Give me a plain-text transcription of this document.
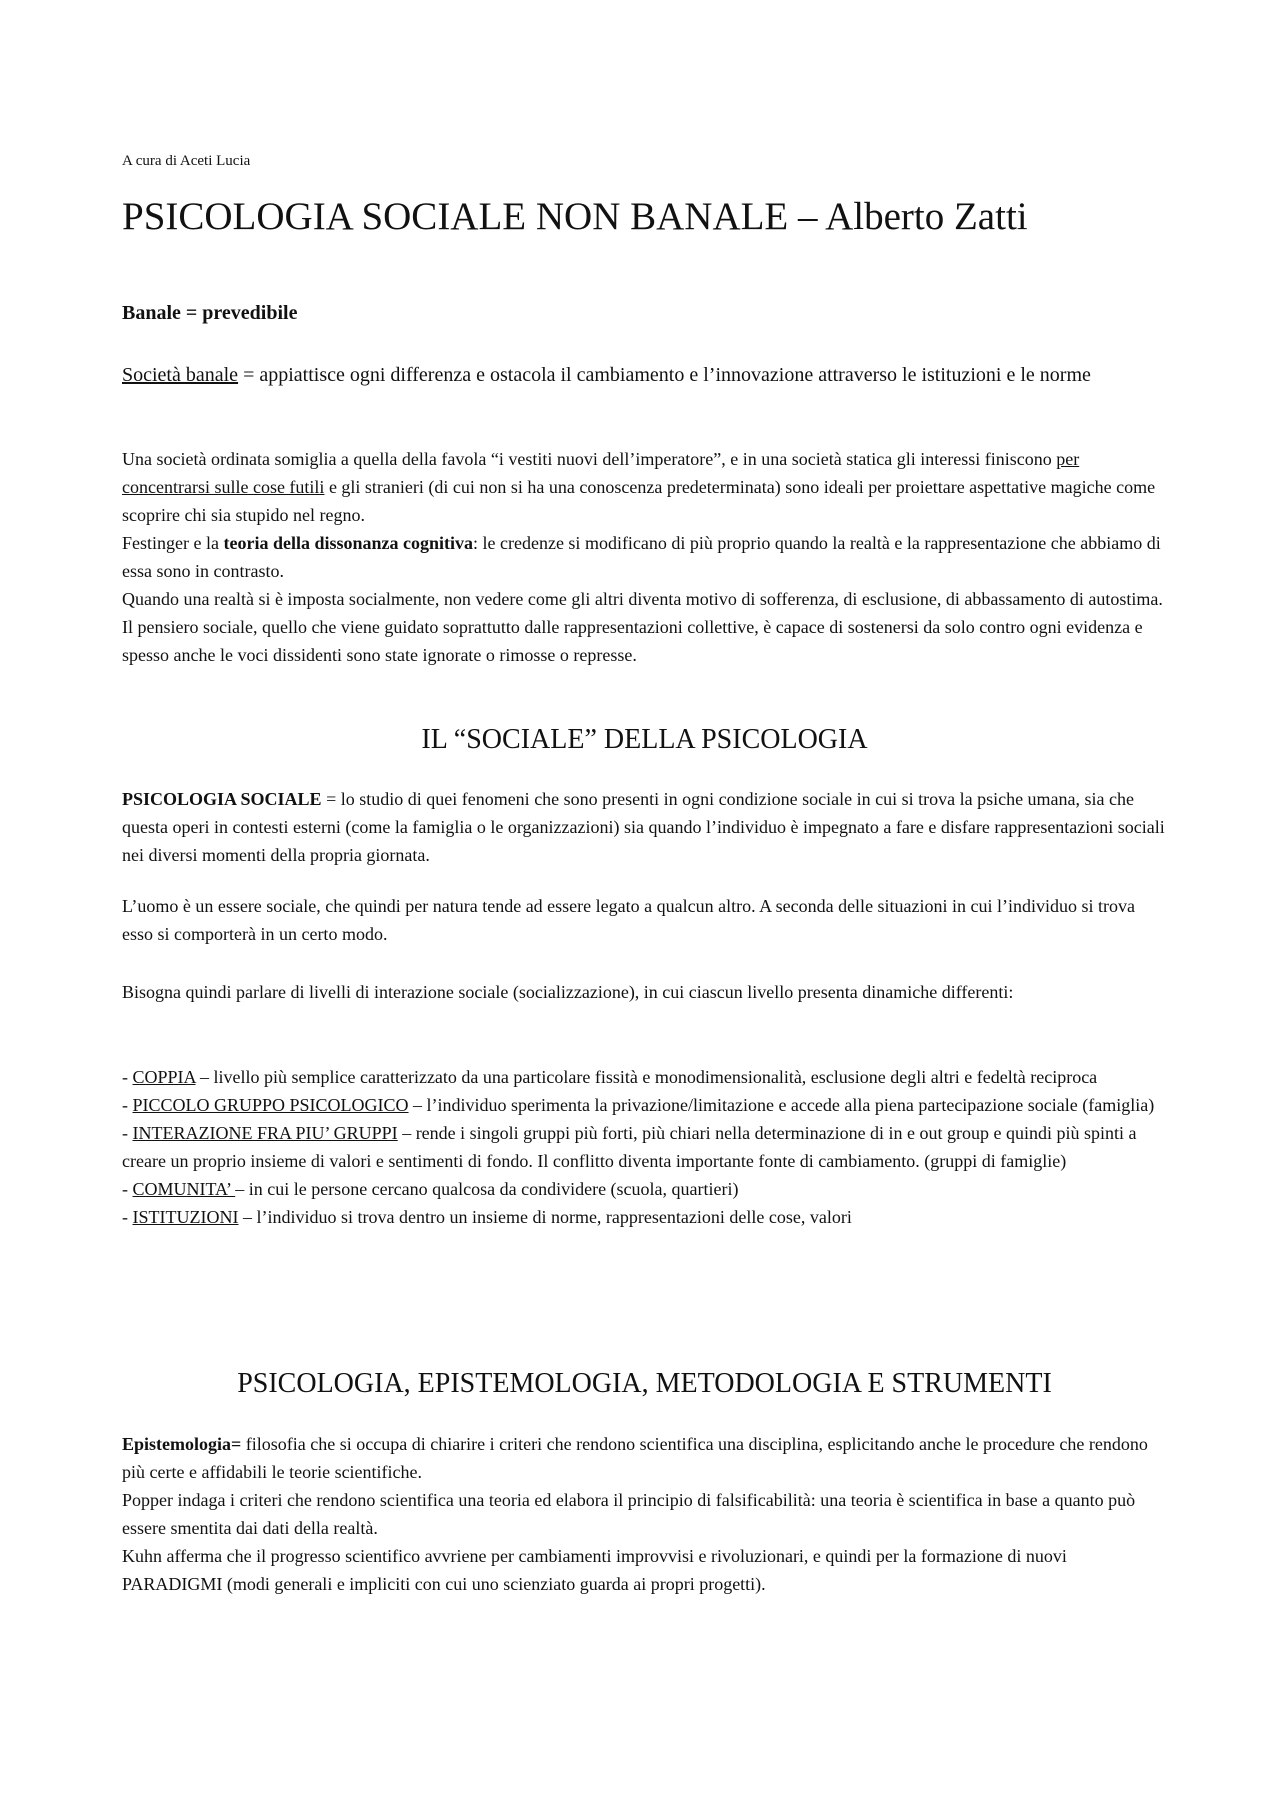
A cura di Aceti Lucia
PSICOLOGIA SOCIALE NON BANALE – Alberto Zatti
Banale = prevedibile

Società banale = appiattisce ogni differenza e ostacola il cambiamento e l’innovazione attraverso le istituzioni e le norme

Una società ordinata somiglia a quella della favola “i vestiti nuovi dell’imperatore”, e in una società statica gli interessi finiscono per concentrarsi sulle cose futili e gli stranieri (di cui non si ha una conoscenza predeterminata) sono ideali per proiettare aspettative magiche come scoprire chi sia stupido nel regno.

Festinger e la teoria della dissonanza cognitiva: le credenze si modificano di più proprio quando la realtà e la rappresentazione che abbiamo di essa sono in contrasto.

Quando una realtà si è imposta socialmente, non vedere come gli altri diventa motivo di sofferenza, di esclusione, di abbassamento di autostima. Il pensiero sociale, quello che viene guidato soprattutto dalle rappresentazioni collettive, è capace di sostenersi da solo contro ogni evidenza e spesso anche le voci dissidenti sono state ignorate o rimosse o represse.

IL “SOCIALE” DELLA PSICOLOGIA

PSICOLOGIA SOCIALE = lo studio di quei fenomeni che sono presenti in ogni condizione sociale in cui si trova la psiche umana, sia che questa operi in contesti esterni (come la famiglia o le organizzazioni) sia quando l’individuo è impegnato a fare e disfare rappresentazioni sociali nei diversi momenti della propria giornata.

L’uomo è un essere sociale, che quindi per natura tende ad essere legato a qualcun altro. A seconda delle situazioni in cui l’individuo si trova esso si comporterà in un certo modo.

Bisogna quindi parlare di livelli di interazione sociale (socializzazione), in cui ciascun livello presenta dinamiche differenti:

- COPPIA – livello più semplice caratterizzato da una particolare fissità e monodimensionalità, esclusione degli altri e fedeltà reciproca
- PICCOLO GRUPPO PSICOLOGICO – l’individuo sperimenta la privazione/limitazione e accede alla piena partecipazione sociale (famiglia)
- INTERAZIONE FRA PIU’ GRUPPI – rende i singoli gruppi più forti, più chiari nella determinazione di in e out group e quindi più spinti a creare un proprio insieme di valori e sentimenti di fondo. Il conflitto diventa importante fonte di cambiamento. (gruppi di famiglie)
- COMUNITA’ – in cui le persone cercano qualcosa da condividere (scuola, quartieri)
- ISTITUZIONI – l’individuo si trova dentro un insieme di norme, rappresentazioni delle cose, valori
PSICOLOGIA, EPISTEMOLOGIA, METODOLOGIA E STRUMENTI

Epistemologia= filosofia che si occupa di chiarire i criteri che rendono scientifica una disciplina, esplicitando anche le procedure che rendono più certe e affidabili le teorie scientifiche.

Popper indaga i criteri che rendono scientifica una teoria ed elabora il principio di falsificabilità: una teoria è scientifica in base a quanto può essere smentita dai dati della realtà.

Kuhn afferma che il progresso scientifico avvriene per cambiamenti improvvisi e rivoluzionari, e quindi per la formazione di nuovi PARADIGMI (modi generali e impliciti con cui uno scienziato guarda ai propri progetti).
